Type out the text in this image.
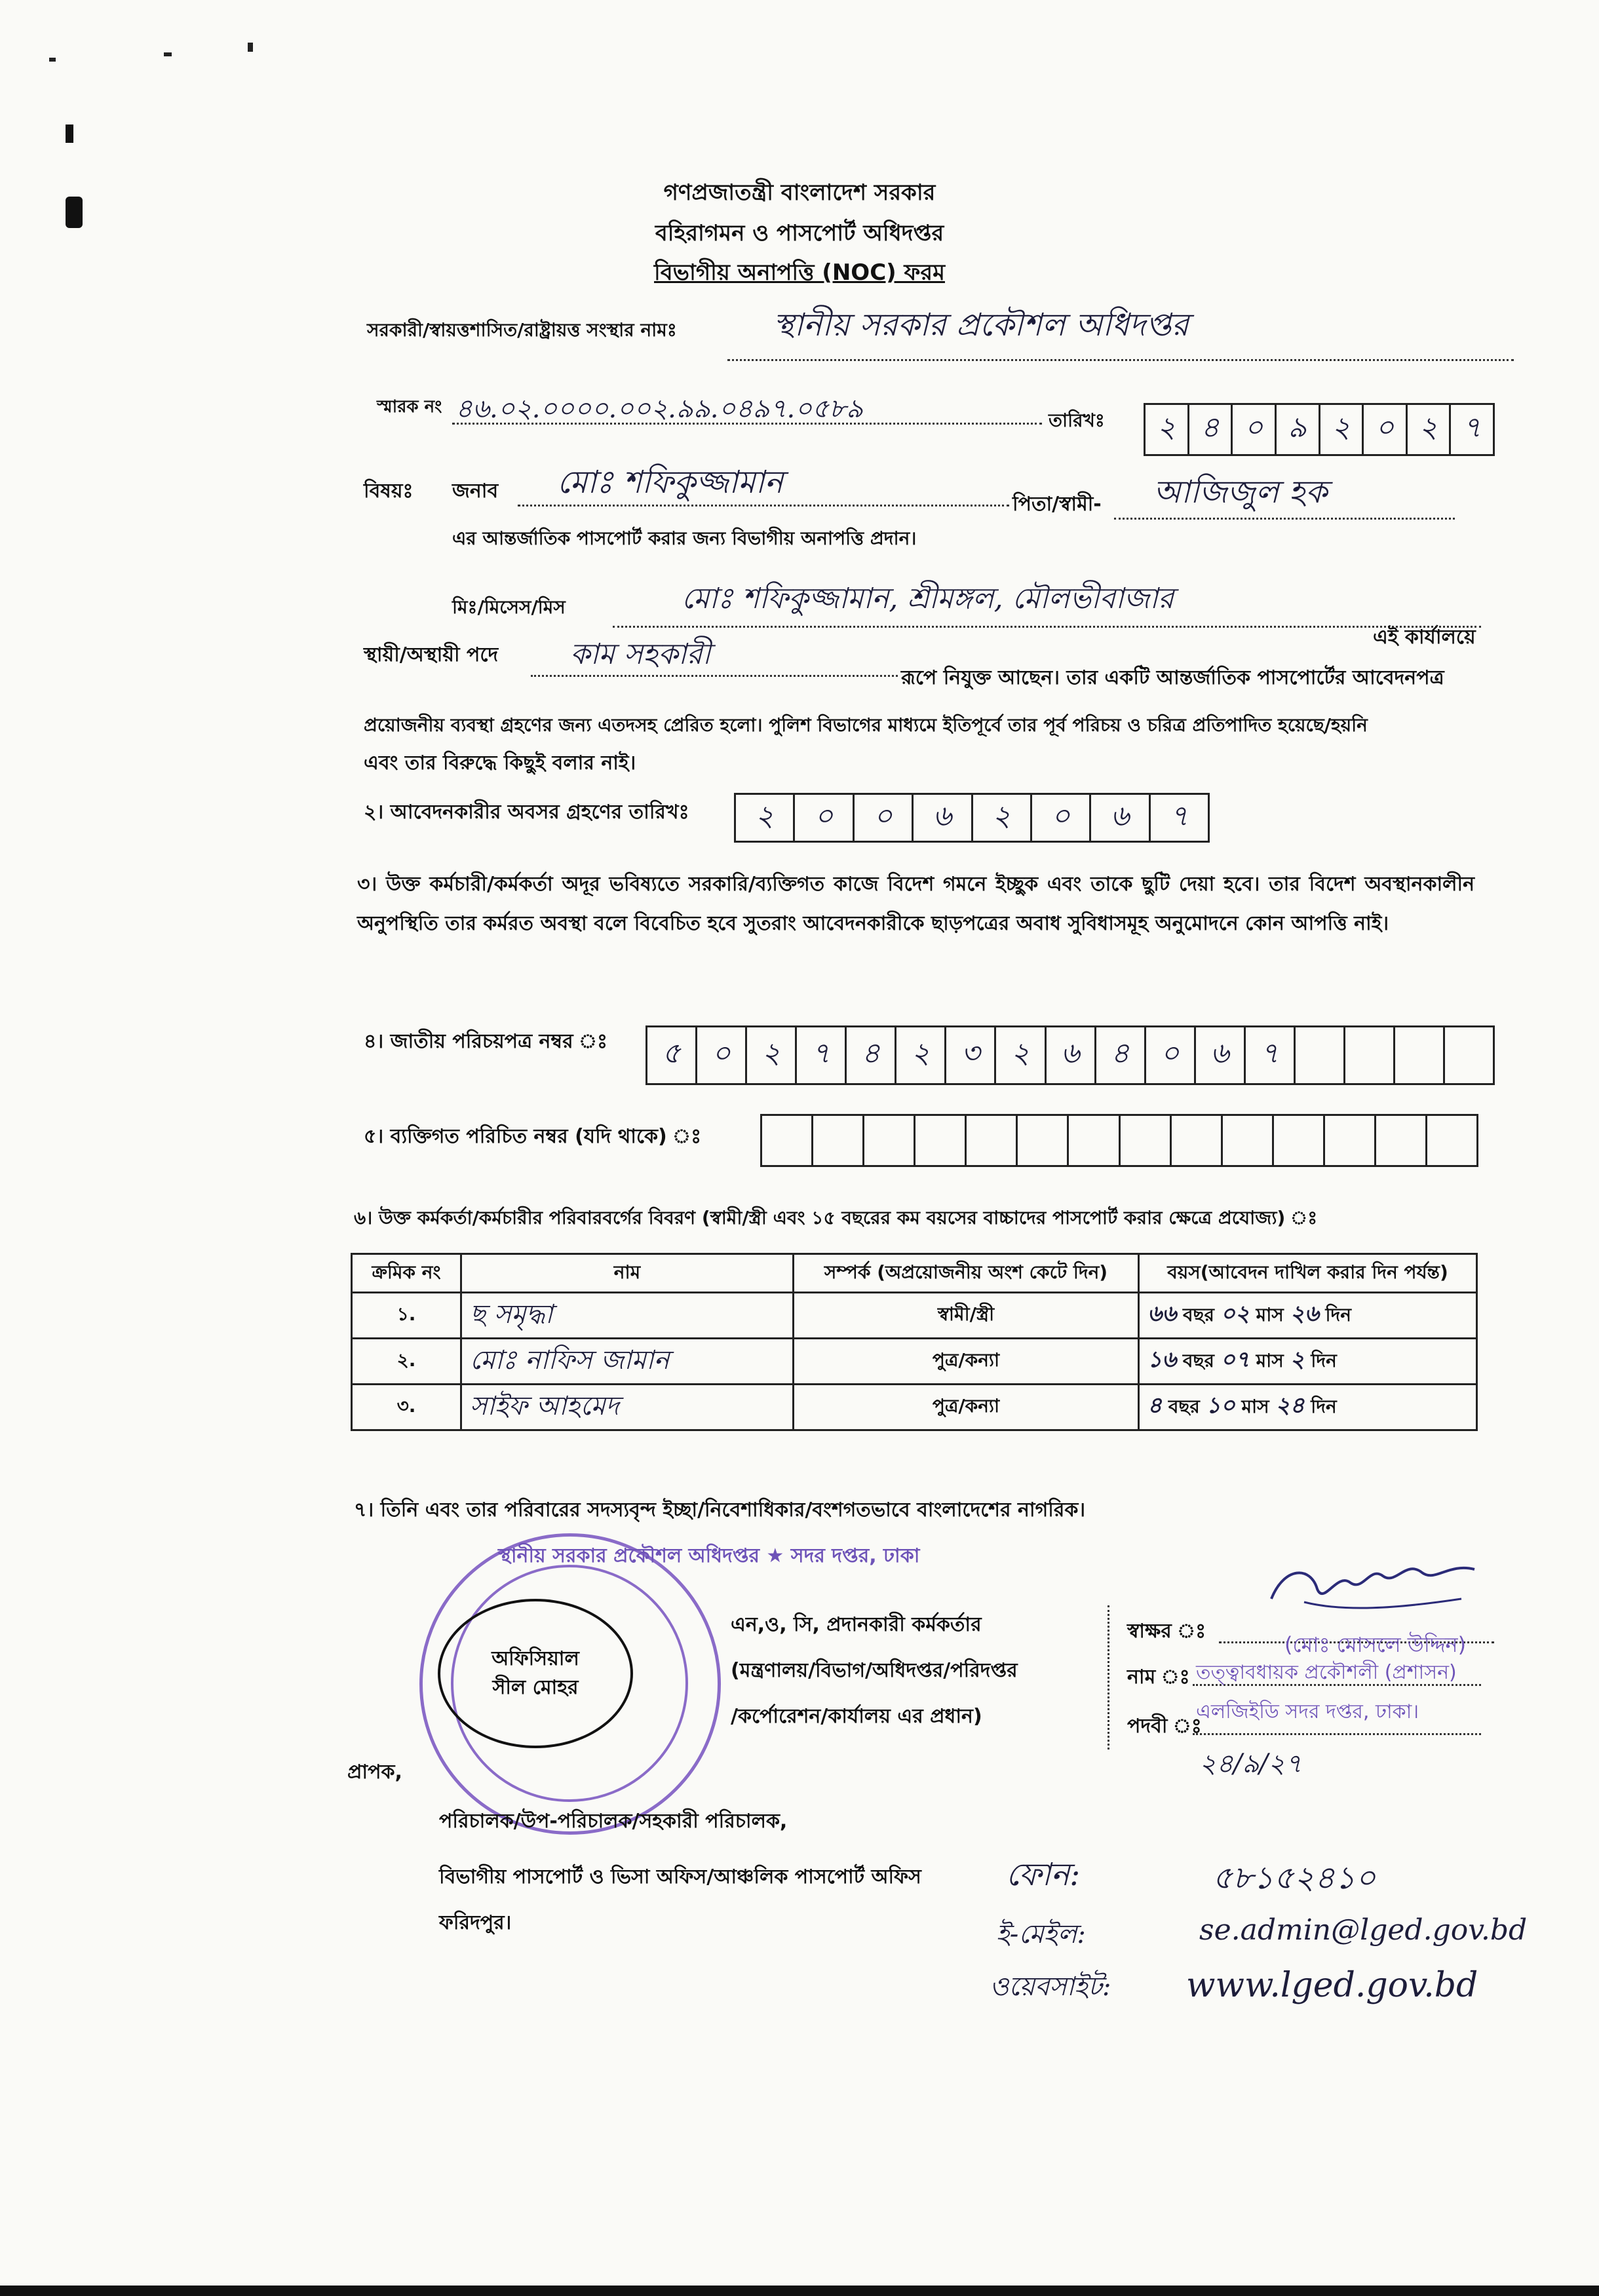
গণপ্রজাতন্ত্রী বাংলাদেশ সরকার
বহিরাগমন ও পাসপোর্ট অধিদপ্তর
বিভাগীয় অনাপত্তি (NOC) ফরম
সরকারী/স্বায়ত্তশাসিত/রাষ্ট্রায়ত্ত সংস্থার নামঃ	স্থানীয় সরকার প্রকৌশল অধিদপ্তর
স্মারক নং ৪৬.০২.০০০০.০০২.৯৯.০৪৯৭.০৫৮৯	তারিখঃ	২ ৪ ০ ৯ ২ ০ ২ ৭
বিষয়ঃ জনাব মোঃ শফিকুজ্জামান
পিতা/স্বামী- আজিজুল হক
এর আন্তর্জাতিক পাসপোর্ট করার জন্য বিভাগীয় অনাপত্তি প্রদান।
মিঃ/মিসেস/মিস	মোঃ শফিকুজ্জামান, শ্রীমঙ্গল, মৌলভীবাজার
এই কার্যালয়ে
স্থায়ী/অস্থায়ী পদে কাম সহকারী
রূপে নিযুক্ত আছেন। তার একটি আন্তর্জাতিক পাসপোর্টের আবেদনপত্র
প্রয়োজনীয় ব্যবস্থা গ্রহণের জন্য এতদসহ প্রেরিত হলো। পুলিশ বিভাগের মাধ্যমে ইতিপূর্বে তার পূর্ব পরিচয় ও চরিত্র প্রতিপাদিত হয়েছে/হয়নি
এবং তার বিরুদ্ধে কিছুই বলার নাই।
২। আবেদনকারীর অবসর গ্রহণের তারিখঃ	২	০	০	৬	২	০	৬	৭
৩। উক্ত কর্মচারী/কর্মকর্তা অদূর ভবিষ্যতে সরকারি/ব্যক্তিগত কাজে বিদেশ গমনে ইচ্ছুক এবং তাকে ছুটি দেয়া হবে। তার বিদেশ অবস্থানকালীন অনুপস্থিতি তার কর্মরত অবস্থা বলে বিবেচিত হবে সুতরাং আবেদনকারীকে ছাড়পত্রের অবাধ সুবিধাসমূহ অনুমোদনে কোন আপত্তি নাই।
৪। জাতীয় পরিচয়পত্র নম্বর ঃ	৫	০	২	৭	৪	২	৩	২	৬	৪	০	৬	৭
৫। ব্যক্তিগত পরিচিত নম্বর (যদি থাকে) ঃ
৬। উক্ত কর্মকর্তা/কর্মচারীর পরিবারবর্গের বিবরণ (স্বামী/স্ত্রী এবং ১৫ বছরের কম বয়সের বাচ্চাদের পাসপোর্ট করার ক্ষেত্রে প্রযোজ্য) ঃ
ক্রমিক নং	নাম	সম্পর্ক (অপ্রয়োজনীয় অংশ কেটে দিন)	বয়স(আবেদন দাখিল করার দিন পর্যন্ত)
১.	ছ সমৃদ্ধা	স্বামী/স্ত্রী	৬৬ বছর ০২ মাস ২৬ দিন
২.	মোঃ নাফিস জামান	পুত্র/কন্যা	১৬ বছর ০৭ মাস ২ দিন
৩.	সাইফ আহমেদ	পুত্র/কন্যা	৪ বছর ১০ মাস ২৪ দিন
৭। তিনি এবং তার পরিবারের সদস্যবৃন্দ ইচ্ছা/নিবেশাধিকার/বংশগতভাবে বাংলাদেশের নাগরিক।
স্থানীয় সরকার প্রকৌশল অধিদপ্তর ★ সদর দপ্তর, ঢাকা
অফিসিয়াল
সীল মোহর
এন,ও, সি, প্রদানকারী কর্মকর্তার
(মন্ত্রণালয়/বিভাগ/অধিদপ্তর/পরিদপ্তর
/কর্পোরেশন/কার্যালয় এর প্রধান)
স্বাক্ষর ঃ
(মোঃ মোসলে উদ্দিন)
নাম ঃ তত্ত্বাবধায়ক প্রকৌশলী (প্রশাসন)
পদবী ঃ
এলজিইডি সদর দপ্তর, ঢাকা।
২৪/৯/২৭
প্রাপক,
পরিচালক/উপ-পরিচালক/সহকারী পরিচালক,
বিভাগীয় পাসপোর্ট ও ভিসা অফিস/আঞ্চলিক পাসপোর্ট অফিস
ফরিদপুর।
ফোন:	৫৮১৫২৪১০
ই-মেইল:	se.admin@lged.gov.bd
ওয়েবসাইট: www.lged.gov.bd
